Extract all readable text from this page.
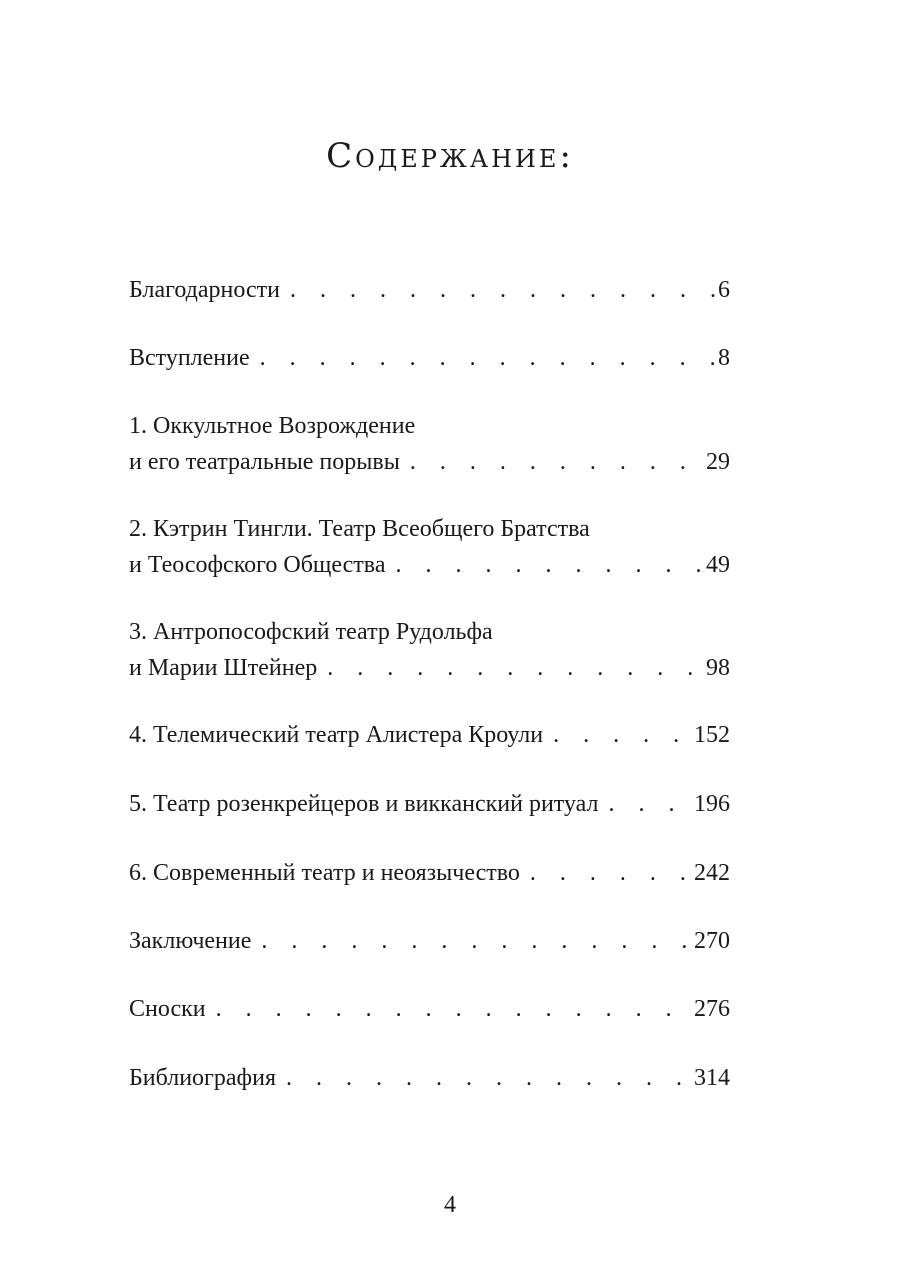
Содержание:
Благодарности . . .	6
Вступление . . .	8
1. Оккультное Возрождение
и его театральные порывы . . .	29
2. Кэтрин Тингли. Театр Всеобщего Братства
и Теософского Общества . . .	49
3. Антропософский театр Рудольфа
и Марии Штейнер . . .	98
4. Телемический театр Алистера Кроули . . .	152
5. Театр розенкрейцеров и викканский ритуал . . .	196
6. Современный театр и неоязычество . . .	242
Заключение . . .	270
Сноски . . .	276
Библиография . . .	314
4
